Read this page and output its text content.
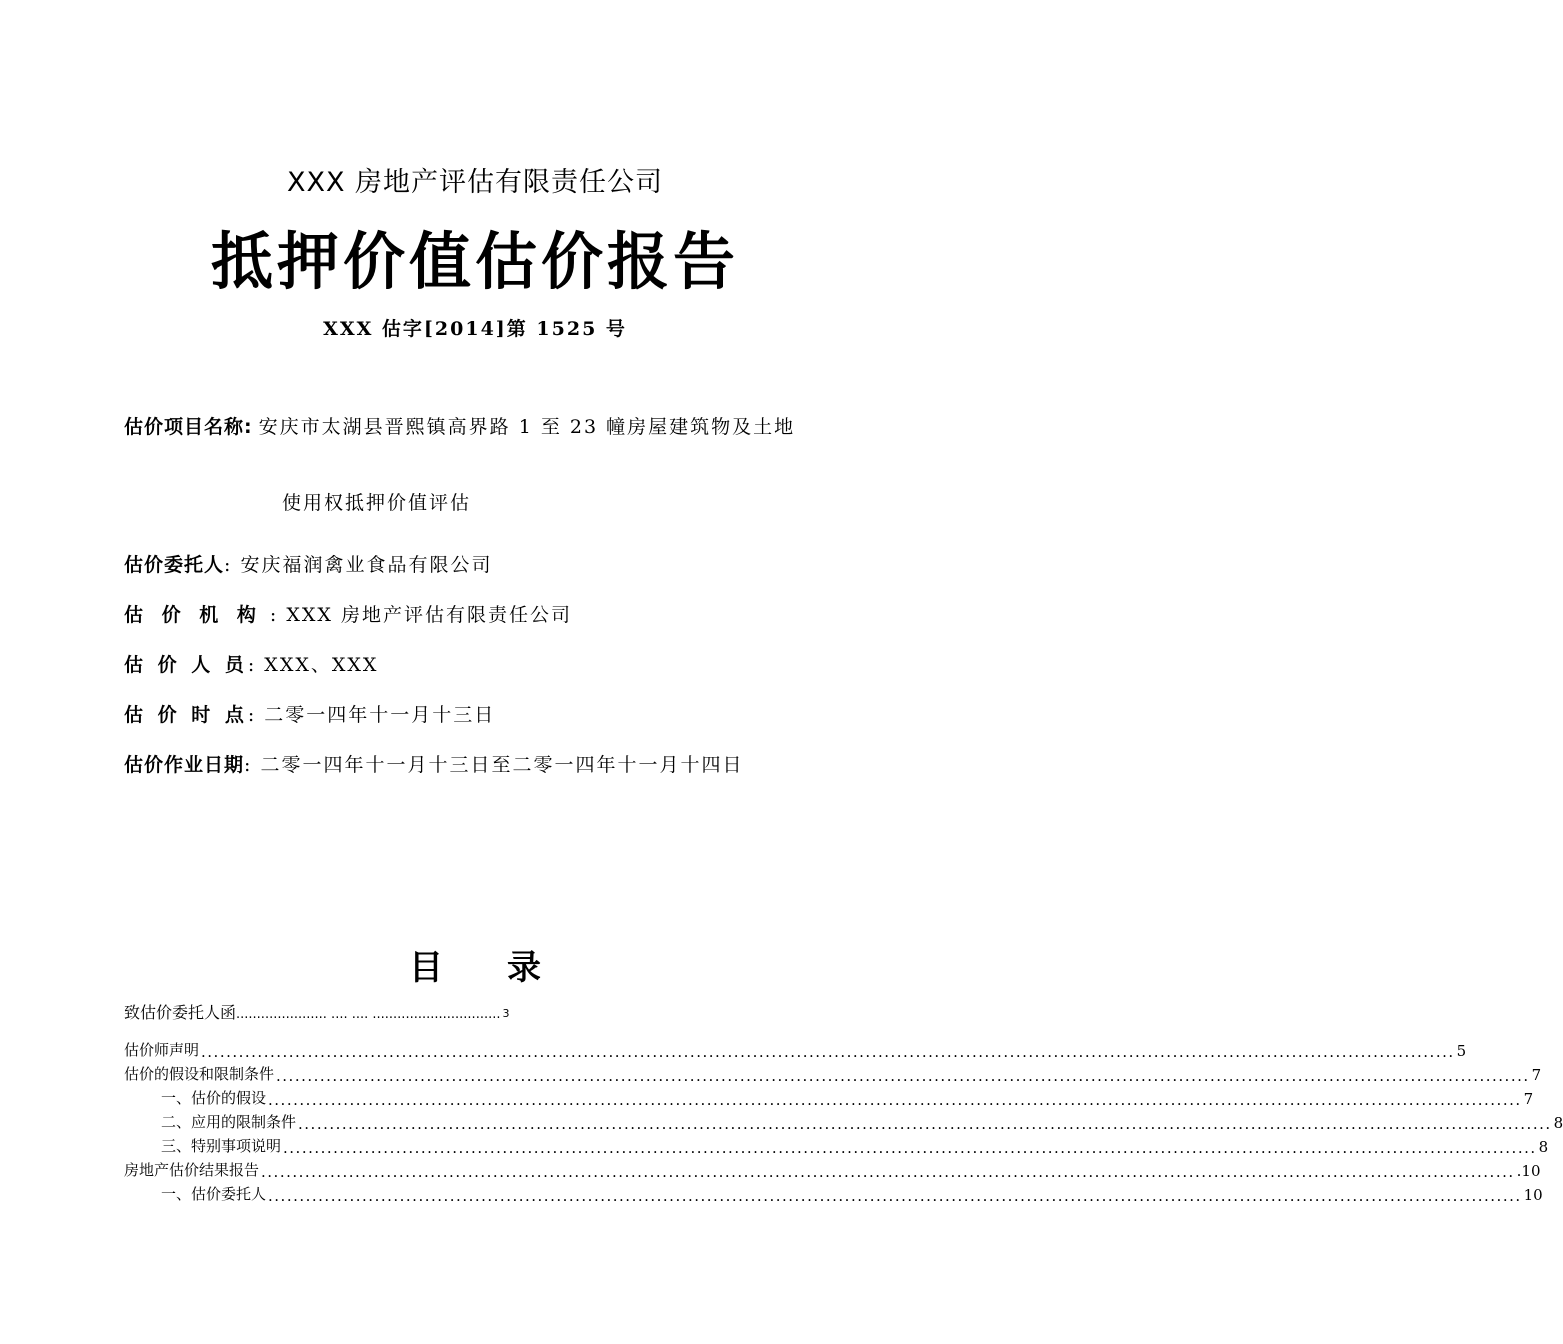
XXX 房地产评估有限责任公司
抵押价值估价报告
XXX 估字[2014]第 1525 号
估价项目名称: 安庆市太湖县晋熙镇高界路 1 至 23 幢房屋建筑物及土地
使用权抵押价值评估
估价委托人: 安庆福润禽业食品有限公司
估 价 机 构 : XXX 房地产评估有限责任公司
估 价 人 员: XXX、XXX
估 价 时 点: 二零一四年十一月十三日
估价作业日期: 二零一四年十一月十三日至二零一四年十一月十四日
目 录
致估价委托人函...................... .... .... ............................... 3
估价师声明 ........................................................................................................................................................................................................ 5
估价的假设和限制条件 ........................................................................................................................................................................................................ 7
一、估价的假设 ........................................................................................................................................................................................................ 7
二、应用的限制条件 ........................................................................................................................................................................................................ 8
三、特别事项说明 ........................................................................................................................................................................................................ 8
房地产估价结果报告 ........................................................................................................................................................................................................ .10
一、估价委托人 ........................................................................................................................................................................................................ 10
